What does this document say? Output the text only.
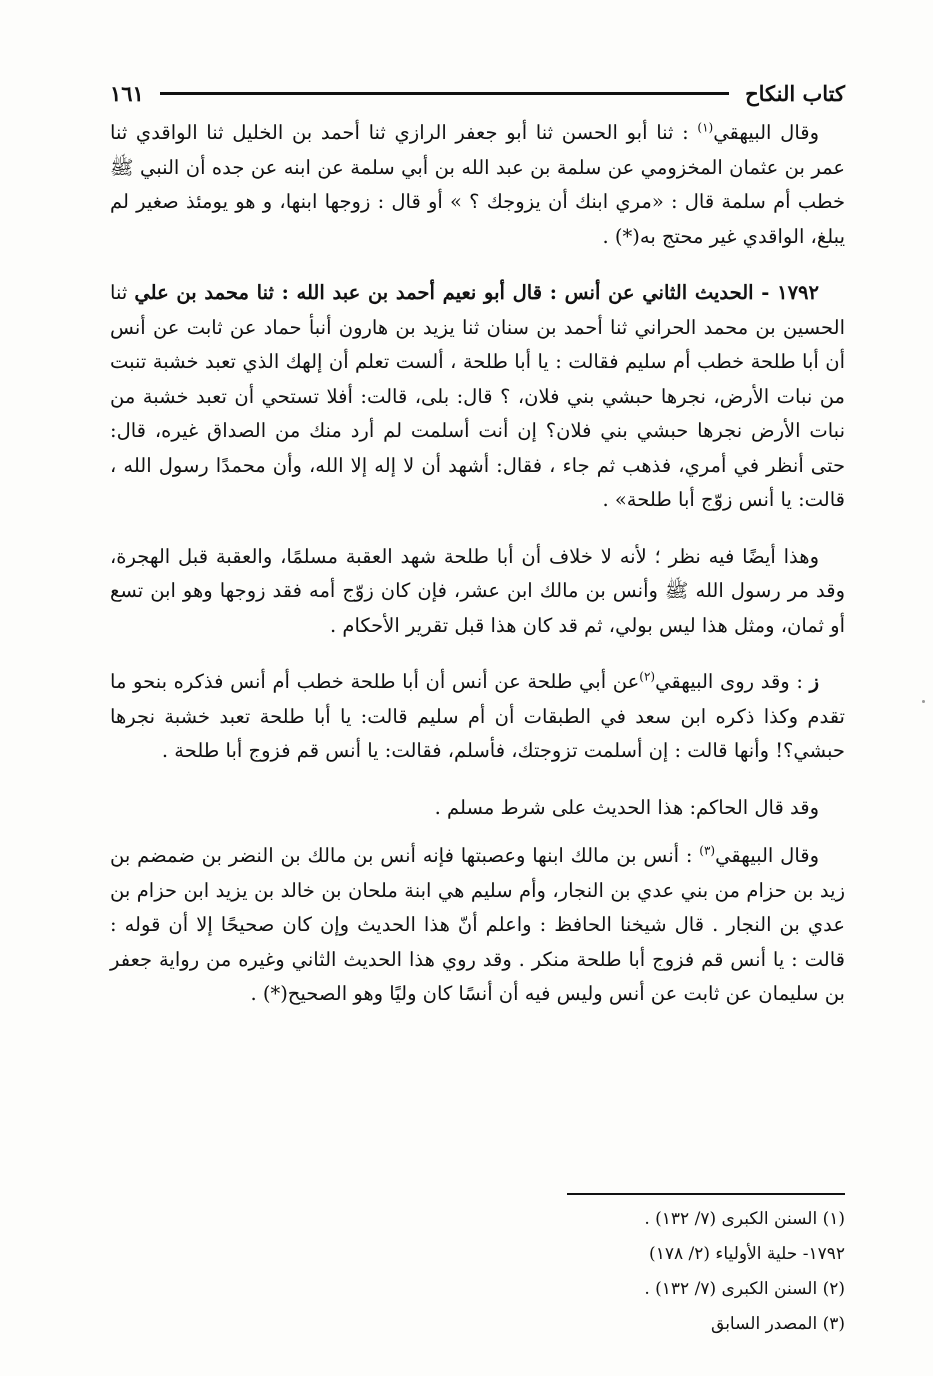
كتاب النكاح
١٦١

وقال البيهقي$^{(١)}$ : ثنا أبو الحسن ثنا أبو جعفر الرازي ثنا أحمد بن الخليل ثنا الواقدي ثنا عمر بن عثمان المخزومي عن سلمة بن عبد الله بن أبي سلمة عن ابنه عن جده أن النبي ﷺ خطب أم سلمة قال : «مري ابنك أن يزوجك ؟ » أو قال : زوجها ابنها، و هو يومئذ صغير لم يبلغ، الواقدي غير محتج به(*) .

١٧٩٢ - الحديث الثاني عن أنس : قال أبو نعيم أحمد بن عبد الله : ثنا محمد بن علي ثنا الحسين بن محمد الحراني ثنا أحمد بن سنان ثنا يزيد بن هارون أنبأ حماد عن ثابت عن أنس أن أبا طلحة خطب أم سليم فقالت : يا أبا طلحة ، ألست تعلم أن إلهك الذي تعبد خشبة تنبت من نبات الأرض، نجرها حبشي بني فلان، ؟ قال: بلى، قالت: أفلا تستحي أن تعبد خشبة من نبات الأرض نجرها حبشي بني فلان؟ إن أنت أسلمت لم أرد منك من الصداق غيره، قال: حتى أنظر في أمري، فذهب ثم جاء ، فقال: أشهد أن لا إله إلا الله، وأن محمدًا رسول الله ، قالت: يا أنس زوّج أبا طلحة» .

وهذا أيضًا فيه نظر ؛ لأنه لا خلاف أن أبا طلحة شهد العقبة مسلمًا، والعقبة قبل الهجرة، وقد مر رسول الله ﷺ وأنس بن مالك ابن عشر، فإن كان زوّج أمه فقد زوجها وهو ابن تسع أو ثمان، ومثل هذا ليس بولي، ثم قد كان هذا قبل تقرير الأحكام .

ز : وقد روى البيهقي$^{(٢)}$عن أبي طلحة عن أنس أن أبا طلحة خطب أم أنس فذكره بنحو ما تقدم وكذا ذكره ابن سعد في الطبقات أن أم سليم قالت: يا أبا طلحة تعبد خشبة نجرها حبشي؟! وأنها قالت : إن أسلمت تزوجتك، فأسلم، فقالت: يا أنس قم فزوج أبا طلحة .

وقد قال الحاكم: هذا الحديث على شرط مسلم .

وقال البيهقي$^{(٣)}$ : أنس بن مالك ابنها وعصبتها فإنه أنس بن مالك بن النضر بن ضمضم بن زيد بن حزام من بني عدي بن النجار، وأم سليم هي ابنة ملحان بن خالد بن يزيد ابن حزام بن عدي بن النجار . قال شيخنا الحافظ : واعلم أنّ هذا الحديث وإن كان صحيحًا إلا أن قوله : قالت : يا أنس قم فزوج أبا طلحة منكر . وقد روي هذا الحديث الثاني وغيره من رواية جعفر بن سليمان عن ثابت عن أنس وليس فيه أن أنسًا كان وليًا وهو الصحيح(*) .

(١) السنن الكبرى (٧/ ١٣٢) .
١٧٩٢- حلية الأولياء (٢/ ١٧٨)
(٢) السنن الكبرى (٧/ ١٣٢) .
(٣) المصدر السابق
